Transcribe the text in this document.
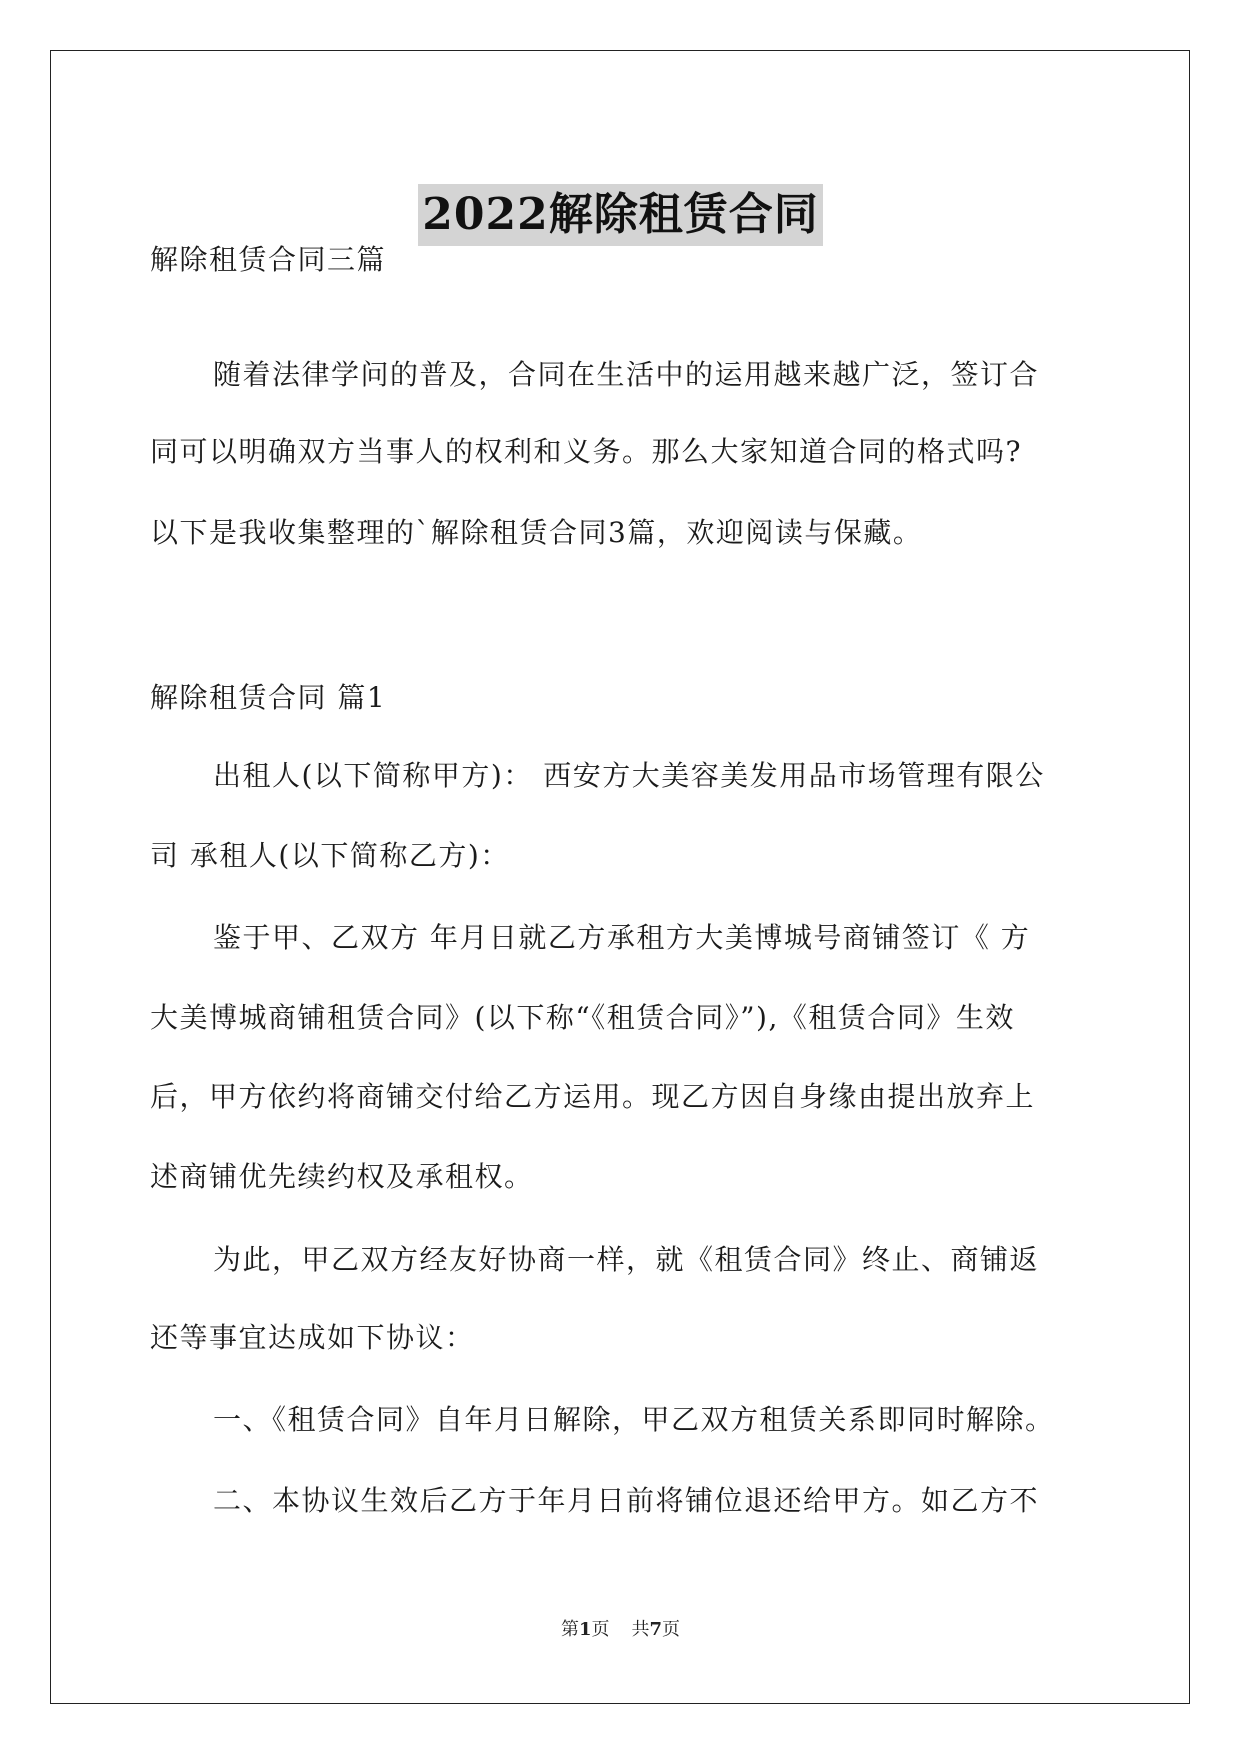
2022解除租赁合同

解除租赁合同三篇

随着法律学问的普及，合同在生活中的运用越来越广泛，签订合

同可以明确双方当事人的权利和义务。那么大家知道合同的格式吗?

以下是我收集整理的`解除租赁合同3篇，欢迎阅读与保藏。

解除租赁合同 篇1

出租人(以下简称甲方)： 西安方大美容美发用品市场管理有限公

司 承租人(以下简称乙方)：

鉴于甲、乙双方 年月日就乙方承租方大美博城号商铺签订《 方

大美博城商铺租赁合同》(以下称“《租赁合同》”),《租赁合同》生效

后，甲方依约将商铺交付给乙方运用。现乙方因自身缘由提出放弃上

述商铺优先续约权及承租权。

为此，甲乙双方经友好协商一样，就《租赁合同》终止、商铺返

还等事宜达成如下协议：

一、《租赁合同》自年月日解除，甲乙双方租赁关系即同时解除。

二、本协议生效后乙方于年月日前将铺位退还给甲方。如乙方不

第1页 共7页
